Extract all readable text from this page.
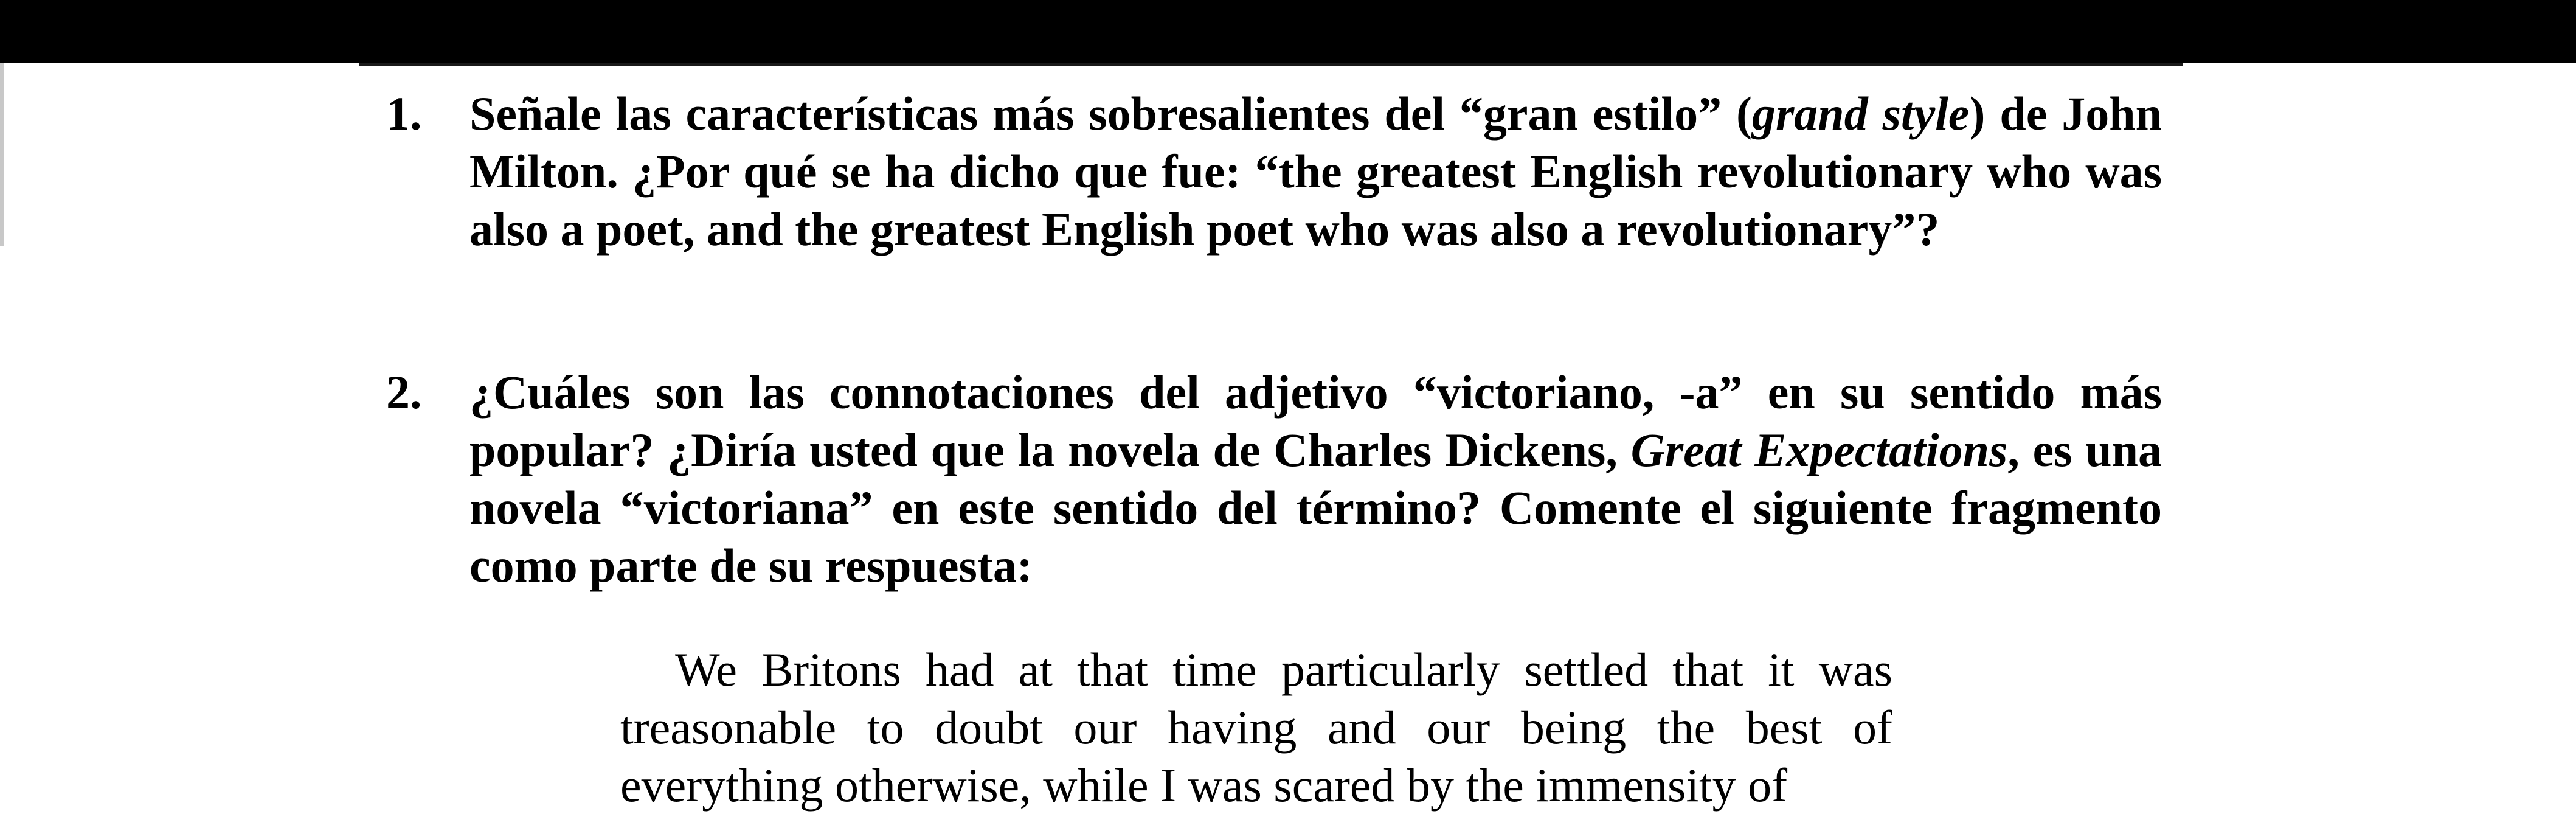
1. Señale las características más sobresalientes del “gran estilo” (grand style) de John Milton. ¿Por qué se ha dicho que fue: “the greatest English revolutionary who was also a poet, and the greatest English poet who was also a revolutionary”?
2. ¿Cuáles son las connotaciones del adjetivo “victoriano, -a” en su sentido más popular? ¿Diría usted que la novela de Charles Dickens, Great Expectations, es una novela “victoriana” en este sentido del término? Comente el siguiente fragmento como parte de su respuesta:

We Britons had at that time particularly settled that it was treasonable to doubt our having and our being the best of everything otherwise, while I was scared by the immensity of
